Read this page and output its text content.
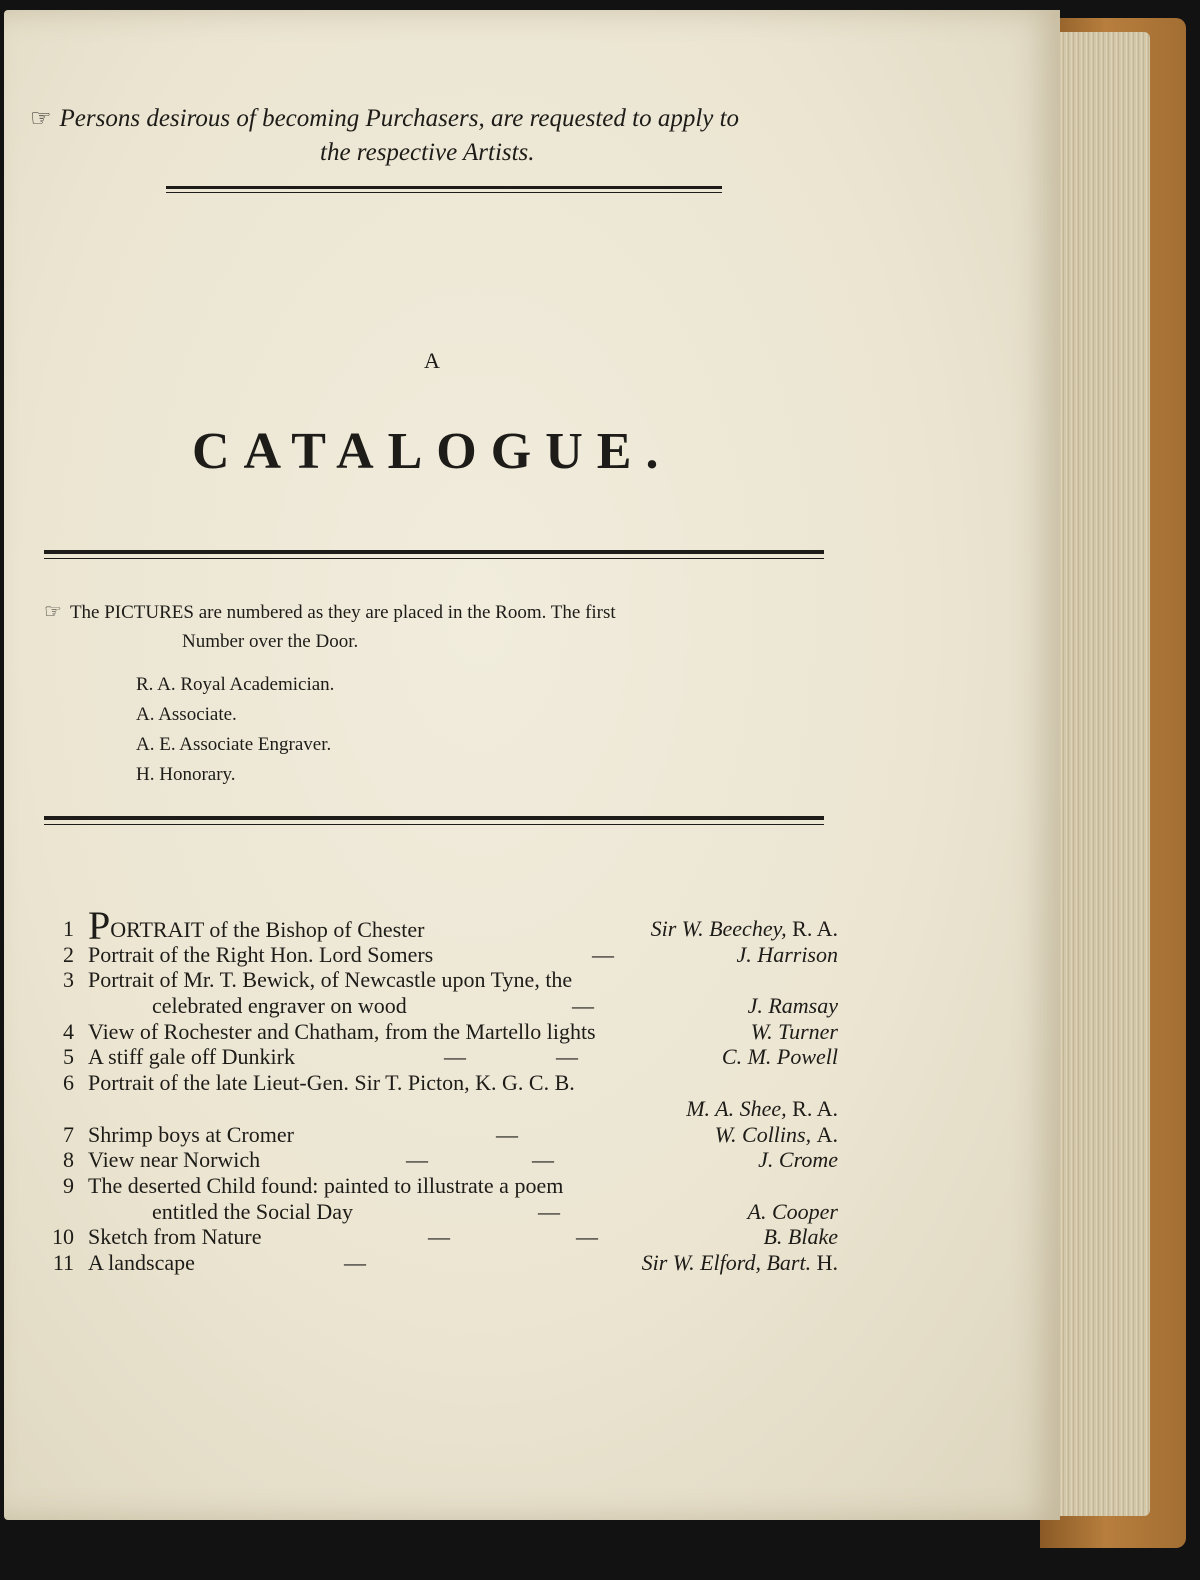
☞ Persons desirous of becoming Purchasers, are requested to apply to
the respective Artists.
A
CATALOGUE.
☞ The PICTURES are numbered as they are placed in the Room. The first
Number over the Door.
R. A. Royal Academician.
A. Associate.
A. E. Associate Engraver.
H. Honorary.
1 PORTRAIT of the Bishop of Chester	Sir W. Beechey, R. A.
2 Portrait of the Right Hon. Lord Somers	—	J. Harrison
3 Portrait of Mr. T. Bewick, of Newcastle upon Tyne, the
celebrated engraver on wood	—	J. Ramsay
4 View of Rochester and Chatham, from the Martello lights	W. Turner
5 A stiff gale off Dunkirk	—	—	C. M. Powell
6 Portrait of the late Lieut-Gen. Sir T. Picton, K. G. C. B.
M. A. Shee, R. A.
7 Shrimp boys at Cromer	—	W. Collins, A.
8 View near Norwich	—	—	J. Crome
9 The deserted Child found: painted to illustrate a poem
entitled the Social Day	—	A. Cooper
10 Sketch from Nature	—	—	B. Blake
11 A landscape	—	Sir W. Elford, Bart. H.
